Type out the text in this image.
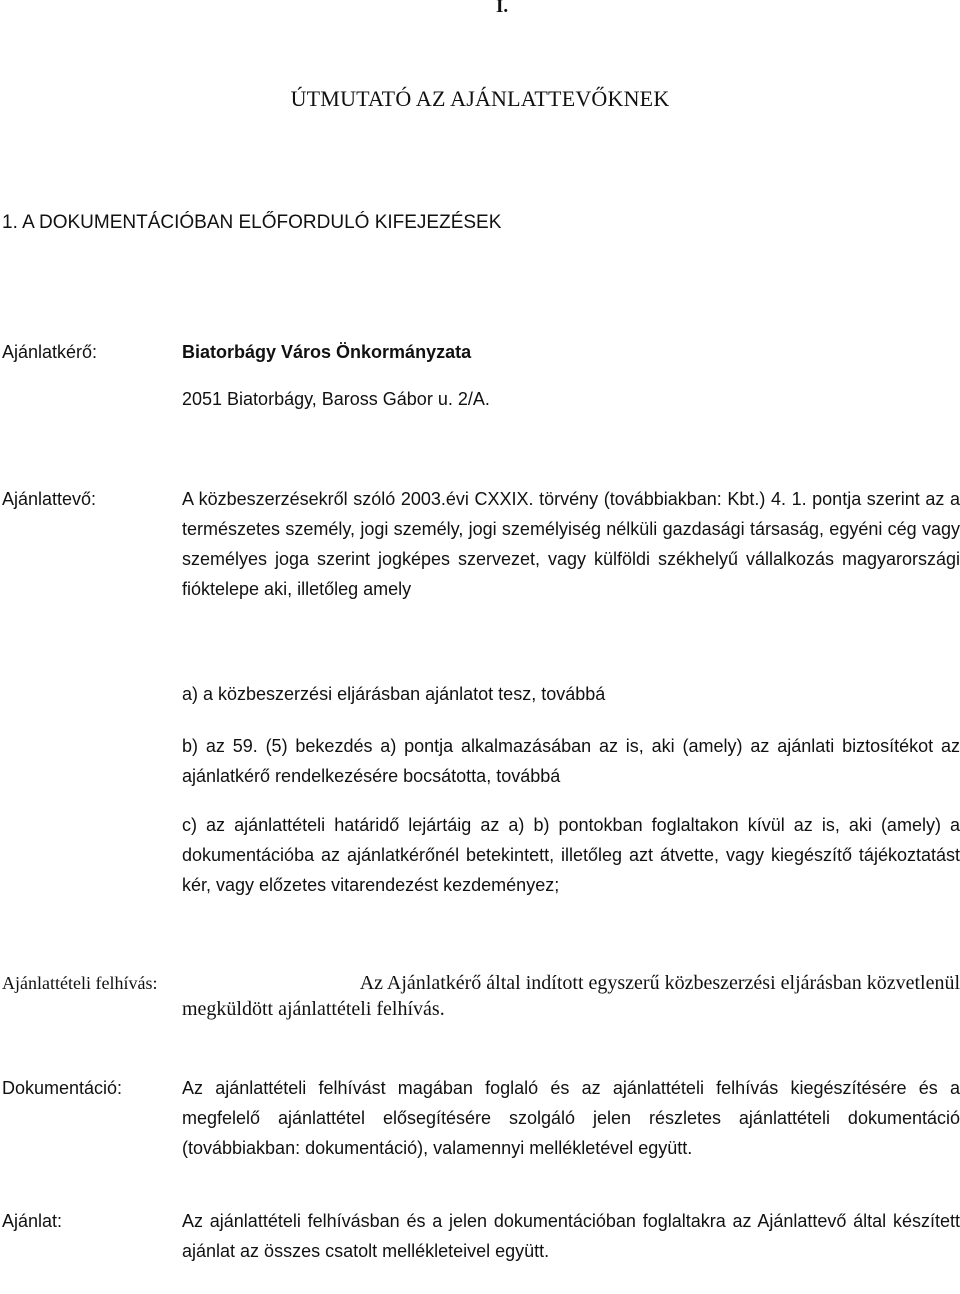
I.
ÚTMUTATÓ AZ AJÁNLATTEVŐKNEK
1. A DOKUMENTÁCIÓBAN ELŐFORDULÓ KIFEJEZÉSEK
Ajánlatkérő:	Biatorbágy Város Önkormányzata
2051 Biatorbágy, Baross Gábor u. 2/A.
Ajánlattevő:	A közbeszerzésekről szóló 2003.évi CXXIX. törvény (továbbiakban: Kbt.) 4. 1. pontja szerint az a természetes személy, jogi személy, jogi személyiség nélküli gazdasági társaság, egyéni cég vagy személyes joga szerint jogképes szervezet, vagy külföldi székhelyű vállalkozás magyarországi fióktelepe aki, illetőleg amely
a) a közbeszerzési eljárásban ajánlatot tesz, továbbá
b) az 59. (5) bekezdés a) pontja alkalmazásában az is, aki (amely) az ajánlati biztosítékot az ajánlatkérő rendelkezésére bocsátotta, továbbá
c) az ajánlattételi határidő lejártáig az a) b) pontokban foglaltakon kívül az is, aki (amely) a dokumentációba az ajánlatkérőnél betekintett, illetőleg azt átvette, vagy kiegészítő tájékoztatást kér, vagy előzetes vitarendezést kezdeményez;
Ajánlattételi felhívás:	Az Ajánlatkérő által indított egyszerű közbeszerzési eljárásban közvetlenül
megküldött ajánlattételi felhívás.
Dokumentáció:	Az ajánlattételi felhívást magában foglaló és az ajánlattételi felhívás kiegészítésére és a megfelelő ajánlattétel elősegítésére szolgáló jelen részletes ajánlattételi dokumentáció (továbbiakban: dokumentáció), valamennyi mellékletével együtt.
Ajánlat:	Az ajánlattételi felhívásban és a jelen dokumentációban foglaltakra az Ajánlattevő által készített ajánlat az összes csatolt mellékleteivel együtt.
